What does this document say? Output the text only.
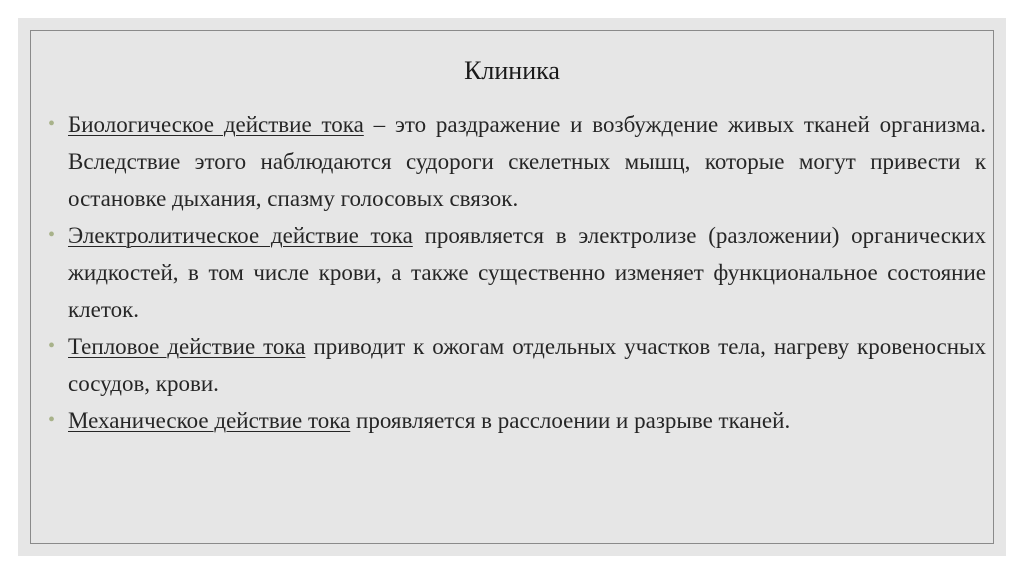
Клиника
• Биологическое действие тока – это раздражение и возбуждение живых тканей организма. Вследствие этого наблюдаются судороги скелетных мышц, которые могут привести к остановке дыхания, спазму голосовых связок.
• Электролитическое действие тока проявляется в электролизе (разложении) органических жидкостей, в том числе крови, а также существенно изменяет функциональное состояние клеток.
• Тепловое действие тока приводит к ожогам отдельных участков тела, нагреву кровеносных сосудов, крови.
• Механическое действие тока проявляется в расслоении и разрыве тканей.
